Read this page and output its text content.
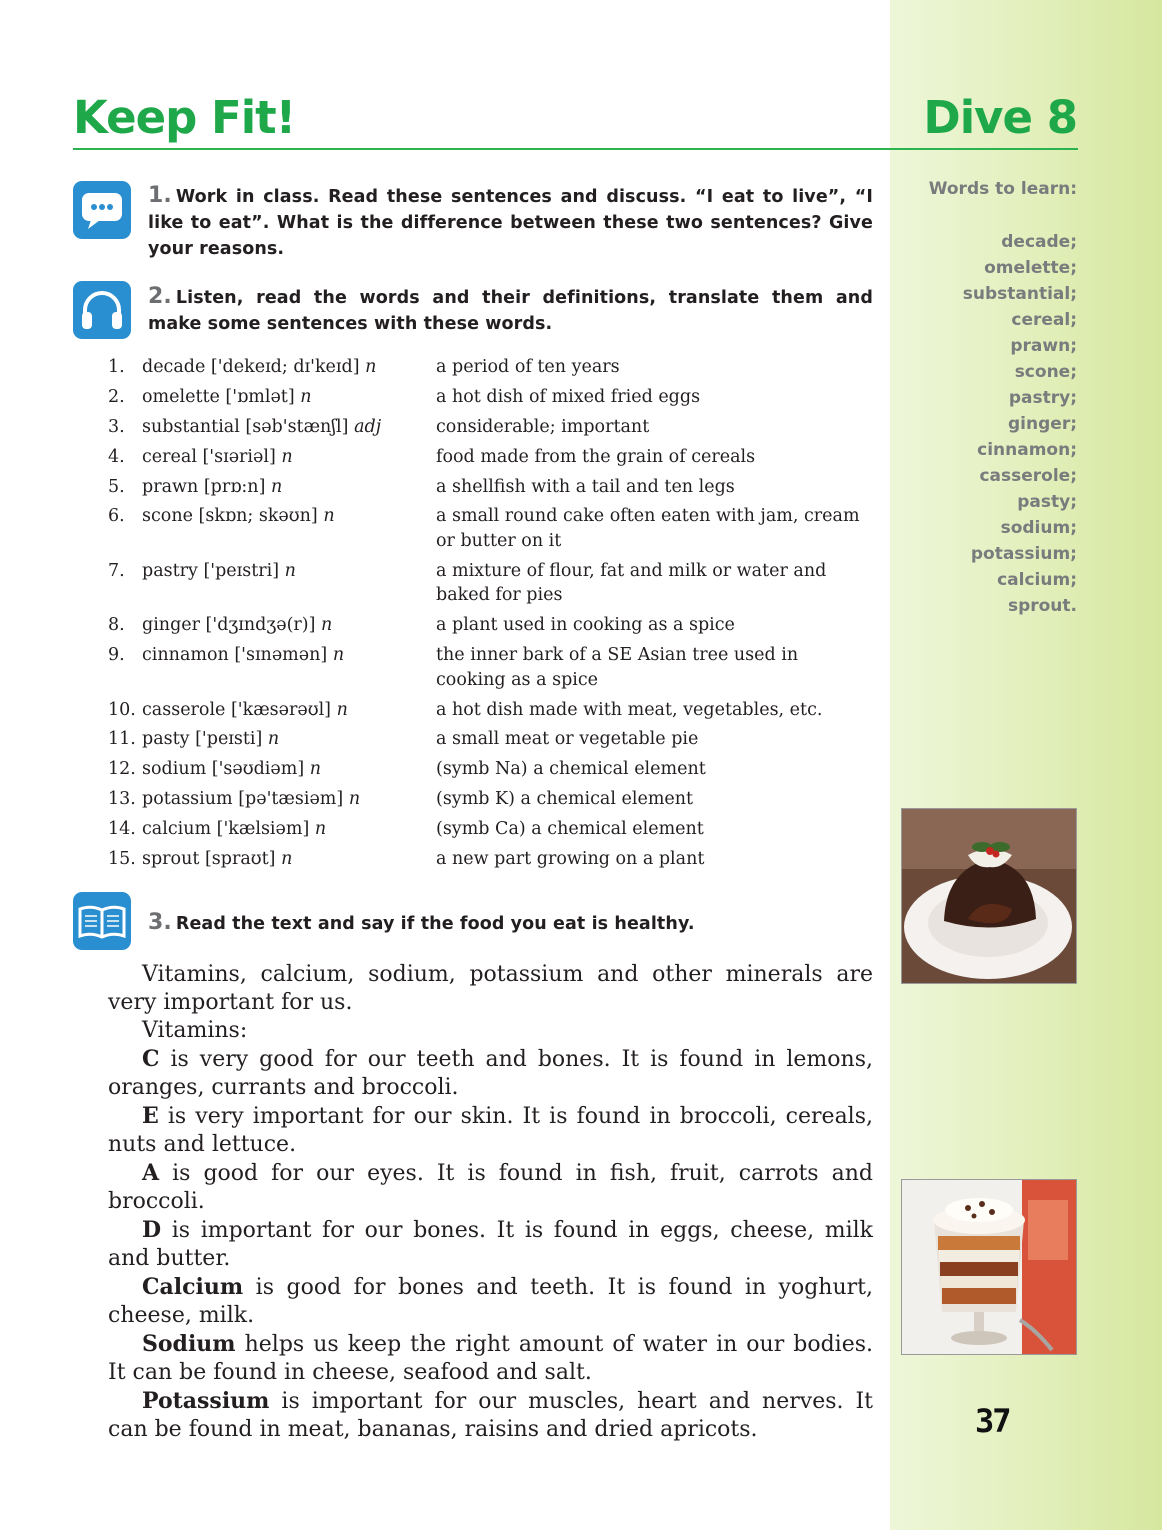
Keep Fit!	Dive 8
1. Work in class. Read these sentences and discuss. “I eat to live”, “I like to eat”. What is the difference between these two sentences? Give your reasons.
2. Listen, read the words and their definitions, translate them and make some sentences with these words.
1. decade ['dekeɪd; dɪ'keɪd] n	a period of ten years
2. omelette ['ɒmlət] n	a hot dish of mixed fried eggs
3. substantial [səb'stænʃl] adj	considerable; important
4. cereal ['sɪəriəl] n	food made from the grain of cereals
5. prawn [prɒ:n] n	a shellfish with a tail and ten legs
6. scone [skɒn; skəʊn] n	a small round cake often eaten with jam, cream or butter on it
7. pastry ['peɪstri] n	a mixture of flour, fat and milk or water and baked for pies
8. ginger ['dʒɪndʒə(r)] n	a plant used in cooking as a spice
9. cinnamon ['sɪnəmən] n	the inner bark of a SE Asian tree used in cooking as a spice
10. casserole ['kæsərəʊl] n	a hot dish made with meat, vegetables, etc.
11. pasty ['peɪsti] n	a small meat or vegetable pie
12. sodium ['səʊdiəm] n	(symb Na) a chemical element
13. potassium [pə'tæsiəm] n	(symb K) a chemical element
14. calcium ['kælsiəm] n	(symb Ca) a chemical element
15. sprout [spraʊt] n	a new part growing on a plant
3. Read the text and say if the food you eat is healthy.

Vitamins, calcium, sodium, potassium and other minerals are very important for us.

Vitamins:

C is very good for our teeth and bones. It is found in lemons, oranges, currants and broccoli.

E is very important for our skin. It is found in broccoli, cereals, nuts and lettuce.

A is good for our eyes. It is found in fish, fruit, carrots and broccoli.

D is important for our bones. It is found in eggs, cheese, milk and butter.

Calcium is good for bones and teeth. It is found in yoghurt, cheese, milk.

Sodium helps us keep the right amount of water in our bodies. It can be found in cheese, seafood and salt.

Potassium is important for our muscles, heart and nerves. It can be found in meat, bananas, raisins and dried apricots.

Words to learn:
decade;
omelette;
substantial;
cereal;
prawn;
scone;
pastry;
ginger;
cinnamon;
casserole;
pasty;
sodium;
potassium;
calcium;
sprout.
37
